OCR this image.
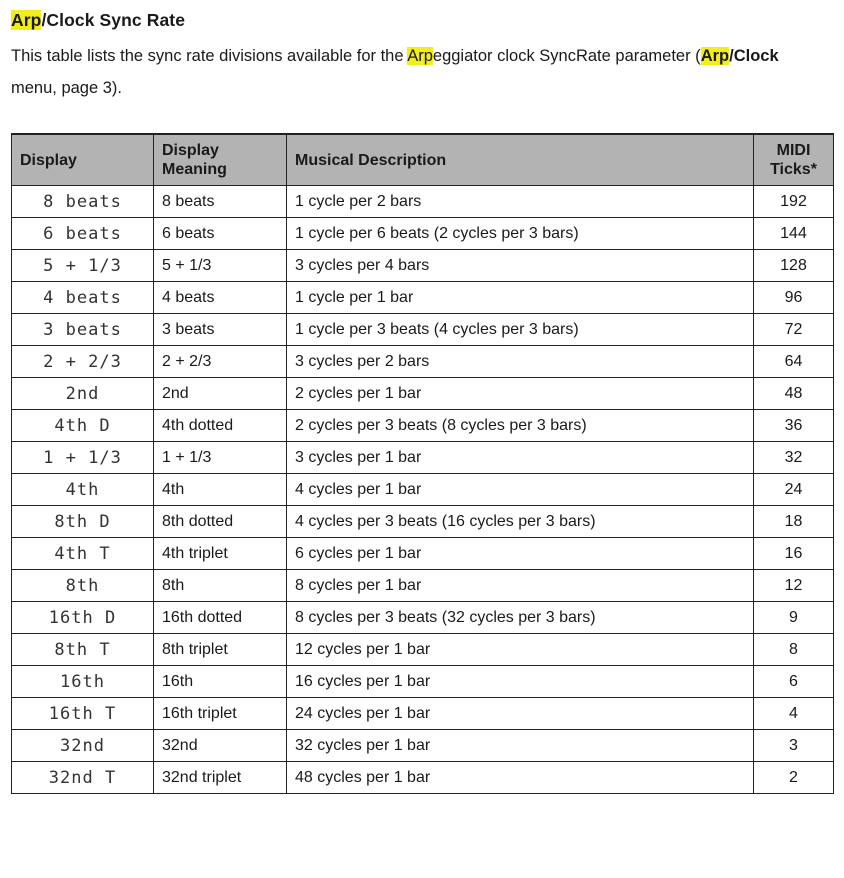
Arp/Clock Sync Rate
This table lists the sync rate divisions available for the Arpeggiator clock SyncRate parameter (Arp/Clock menu, page 3).
Display	Display Meaning	Musical Description	MIDI Ticks*
8 beats	8 beats	1 cycle per 2 bars	192
6 beats	6 beats	1 cycle per 6 beats (2 cycles per 3 bars)	144
5 + 1/3	5 + 1/3	3 cycles per 4 bars	128
4 beats	4 beats	1 cycle per 1 bar	96
3 beats	3 beats	1 cycle per 3 beats (4 cycles per 3 bars)	72
2 + 2/3	2 + 2/3	3 cycles per 2 bars	64
2nd	2nd	2 cycles per 1 bar	48
4th D	4th dotted	2 cycles per 3 beats (8 cycles per 3 bars)	36
1 + 1/3	1 + 1/3	3 cycles per 1 bar	32
4th	4th	4 cycles per 1 bar	24
8th D	8th dotted	4 cycles per 3 beats (16 cycles per 3 bars)	18
4th T	4th triplet	6 cycles per 1 bar	16
8th	8th	8 cycles per 1 bar	12
16th D	16th dotted	8 cycles per 3 beats (32 cycles per 3 bars)	9
8th T	8th triplet	12 cycles per 1 bar	8
16th	16th	16 cycles per 1 bar	6
16th T	16th triplet	24 cycles per 1 bar	4
32nd	32nd	32 cycles per 1 bar	3
32nd T	32nd triplet	48 cycles per 1 bar	2
